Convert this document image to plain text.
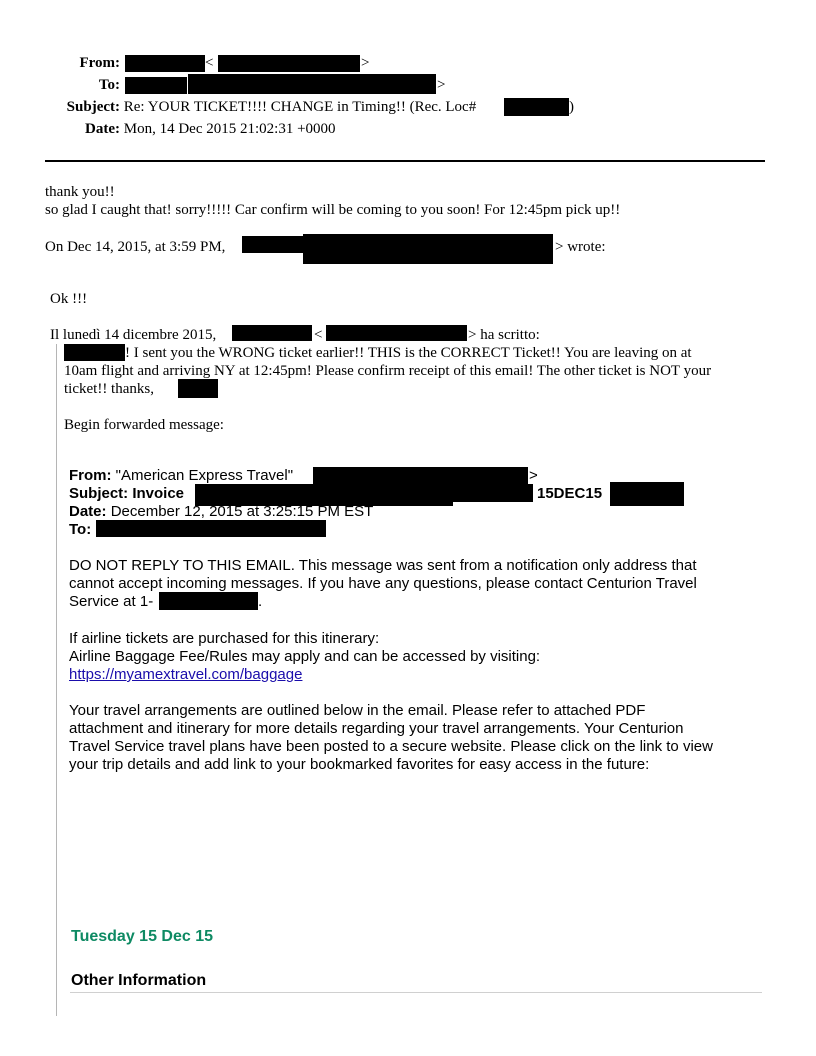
From:	<	>
To:	>
Subject: Re: YOUR TICKET!!!! CHANGE in Timing!! (Rec. Loc#	)
Date: Mon, 14 Dec 2015 21:02:31 +0000
thank you!!
so glad I caught that! sorry!!!!! Car confirm will be coming to you soon! For 12:45pm pick up!!
On Dec 14, 2015, at 3:59 PM,	> wrote:
Ok !!!
Il lunedì 14 dicembre 2015,	<	> ha scritto:
! I sent you the WRONG ticket earlier!! THIS is the CORRECT Ticket!! You are leaving on at
10am flight and arriving NY at 12:45pm! Please confirm receipt of this email! The other ticket is NOT your
ticket!! thanks,
Begin forwarded message:
From: "American Express Travel"	>
Subject: Invoice	15DEC15
Date: December 12, 2015 at 3:25:15 PM EST
To:
DO NOT REPLY TO THIS EMAIL. This message was sent from a notification only address that
cannot accept incoming messages. If you have any questions, please contact Centurion Travel
Service at 1-	.
If airline tickets are purchased for this itinerary:
Airline Baggage Fee/Rules may apply and can be accessed by visiting:
https://myamextravel.com/baggage
Your travel arrangements are outlined below in the email. Please refer to attached PDF
attachment and itinerary for more details regarding your travel arrangements. Your Centurion
Travel Service travel plans have been posted to a secure website. Please click on the link to view
your trip details and add link to your bookmarked favorites for easy access in the future:
Tuesday 15 Dec 15
Other Information
